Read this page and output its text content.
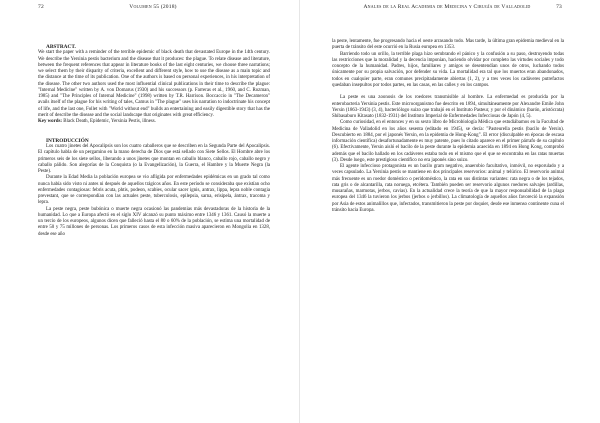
72	Volumen 55 (2018)

ABSTRACT.

We start the paper with a reminder of the terrible epidemic of black death that devastated Europe in the 14th century. We describe the Yersinia pestis bacterium and the disease that it produces: the plague. To relate disease and literature, between the frequent references that appear in literature books of the last eight centuries, we choose three narrations; we select them by their disparity of criteria, excellent and different style, how to use the disease as a main topic and the distance at the time of its publication. One of the authors is based on personal experiences, in his interpretation of the disease. The other two authors used the most influential clinical publications in their time to describe the plague: "Internal Medicine" written by A. von Domarus (1930) and his successors (p. Farreras et al., 1960, and C. Rozman, 1985) and "The Principles of Internal Medicine" (1998) written by T.R. Harrison. Boccaccio in "The Decameron" avails itself of the plague for his writing of tales, Camus in "The plague" uses his narration to indoctrinate his concept of life, and the last one, Follet with "World without end" builds an entertaining and easily digestible story that has the merit of describe the disease and the social landscape that originates with great efficiency.

Key words: Black Death, Epidemic, Yersinia Pestis, illness.

INTRODUCCIÓN

Los cuatro jinetes del Apocalipsis son los cuatro caballeros que se describen en la Segunda Parte del Apocalipsis. El capítulo habla de un pergamino en la mano derecha de Dios que está sellado con Siete Sellos. El Hombre abre los primeros seis de los siete sellos, liberando a unos jinetes que montan en caballo blanco, caballo rojo, caballo negro y caballo pálido. Son alegorías de la Conquista (o la Evangelización), la Guerra, el Hambre y la Muerte Negra (la Peste).

Durante la Edad Media la población europea se vio afligida por enfermedades epidémicas en un grado tal como nunca había sido visto ni antes ni después de aquellos trágicos años. En este período se consideraba que existían ocho enfermedades contagiosas: febris acuta, phtis, podeon, scabies, ocular sacer ignis, antrax, lippa, lepra noble contagia prevestant, que se correspondían con las actuales peste, tuberculosis, epilepsia, sarna, erisipela, ántrax, tracoma y lepra.

La peste negra, peste bubónica o muerte negra ocasionó las pandemias más devastadoras de la historia de la humanidad. Lo que a Europa afectó en el siglo XIV alcanzó su punto máximo entre 1346 y 1361. Causó la muerte a un tercio de los europeos, algunos dicen que falleció hasta el 80 o 60% de la población, se estima una mortalidad de entre 50 y 75 millones de personas. Los primeros casos de esta infección masiva aparecieron en Mongolia en 1328, desde ese año

Anales de la Real Academia de Medicina y Cirugía de Valladolid	73

la peste, lentamente, fue progresando hacia el oeste arrasando todo. Mas tarde, la última gran epidemia medieval en la puerta de tránsito del este ocurrió en la Rusia europea en 1353.

Barriendo todo un orillo, la terrible plaga hizo sembrando el pánico y la confusión a su paso, destruyendo todas las restricciones que la moralidad y la decencia imponían, haciendo olvidar por completo las virtudes sociales y todo concepto de la humanidad. Padres, hijos, familiares y amigos se desentendían unos de otros, luchando todos únicamente por su propia salvación, por defender su vida. La mortalidad era tal que los muertos eran abandonados, todos en cualquier parte, eran comunes precipitadamente abiertas (1, 2), y a tres veces los cadáveres putrefactos quedaban insepultos por todos partes, en las casas, en las calles y en los campos.

La peste es una zoonosis de los roedores transmisible al hombre. La enfermedad es producida por la enterobacteria Yersinia pestis. Este microorganismo fue descrito en 1894, simultáneamente por Alexandre Emile John Yersin (1863-1943) (3, 4), bacteriólogo suizo que trabajó en el Instituto Pasteur, y por el dinámico (barón, aristócrata) Shibasaburo Kitasato (1832-1931) del Instituto Imperial de Enfermedades Infecciosas de Japón (4, 5).

Como curiosidad, en el entonces y en su sexto libro de Microbiología Médica que estudiábamos en la Facultad de Medicina de Valladolid en los años sesenta (editado en 1945), se decía: "Pasteurella pestis (bacilo de Yersin). Descubierto en 1884, por el japonés Yersin, en la epidemia de Hong-Kong". El error (disculpable en épocas de escasa información científica) desafortunadamente es muy patente, pues lo citado aparece en el primer párrafo de su capítulo (6). Efectivamente, Yersin aisló el bacilo de la peste durante la epidemia acaecida en 1894 en Hong Kong, comprobó además que el bacilo hallado en los cadáveres estaba todo en el mismo que el que se encontraba en las ratas muertas (3). Desde luego, este prestigioso científico no era japonés sino suizo.

El agente infeccioso protagonista es un bacilo gram negativo, anaerobio facultativo, inmóvil, no esporulado y a veces capsulado. La Yersinia pestis se mantiene en dos principales reservorios: animal y telúrico. El reservorio animal más frecuente es un roedor doméstico o peridoméstico, la rata en sus distintas variantes: rata negra o de los tejados, rata gris o de alcantarilla, rata noruega, etcétera. También pueden ser reservorio algunos roedores salvajes (ardillas, musarañas, marmotas, jerbos, cavias). En la actualidad crece la teoría de que la mayor responsabilidad de la plaga europea del 1346 la tuvieron los jerbos (jerbos o jerbillos). La climatología de aquellos años favoreció la expansión por Asia de estos animalillos que, infectados, transmitieron la peste por doquier, desde ese inmenso continente cuna el tránsito hacia Europa.
